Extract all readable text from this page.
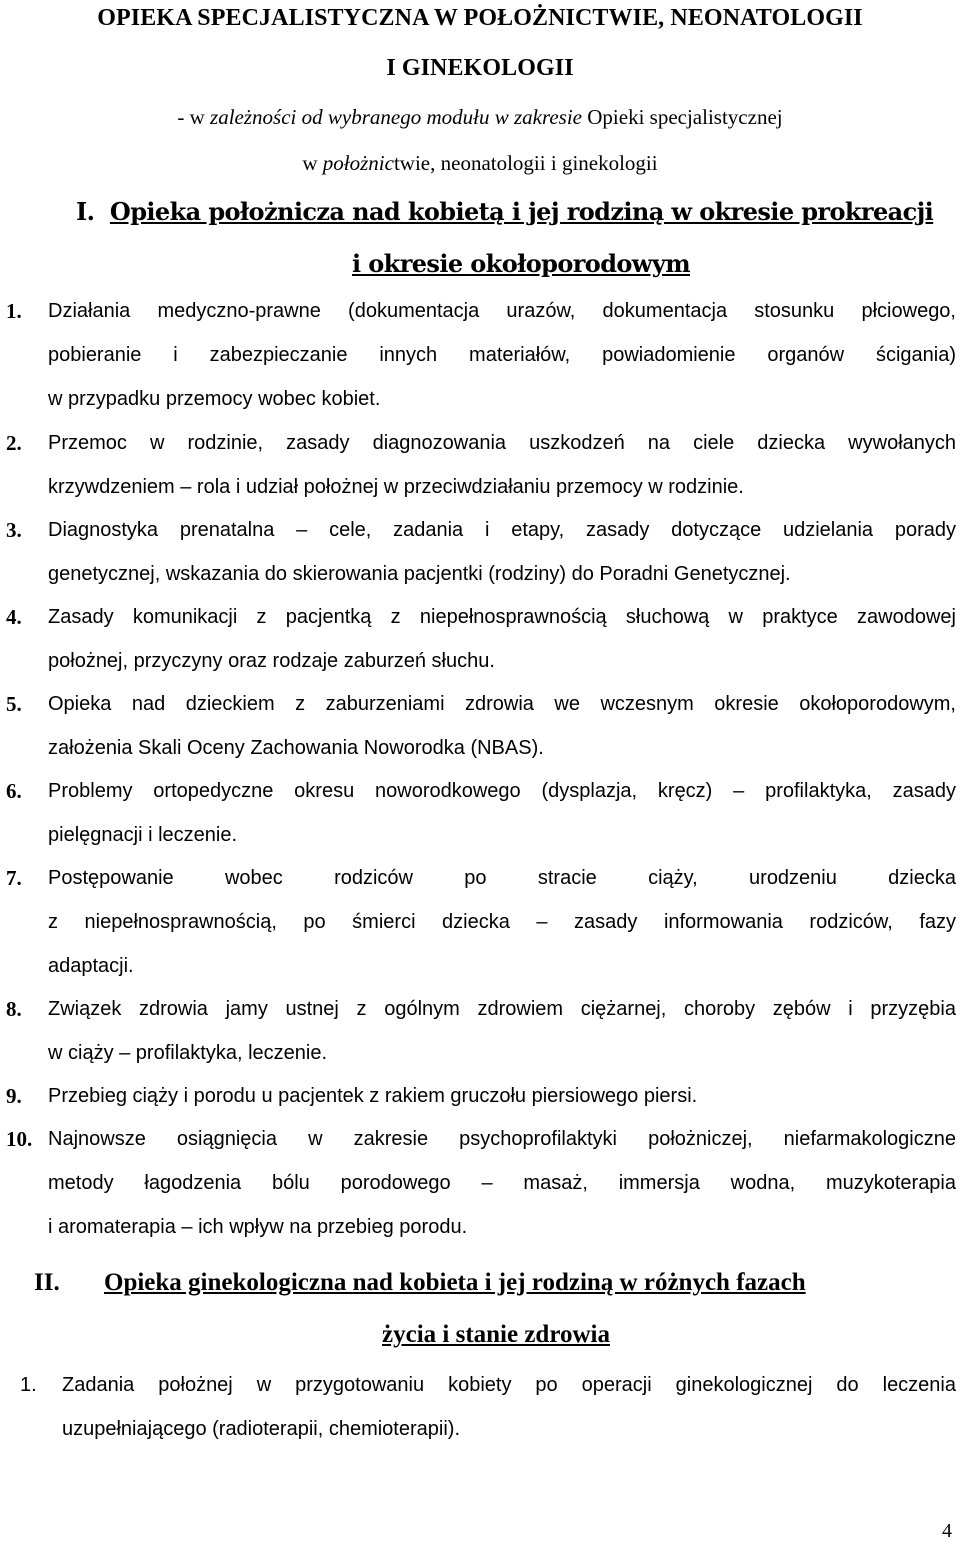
OPIEKA SPECJALISTYCZNA W POŁOŻNICTWIE, NEONATOLOGII
I GINEKOLOGII
- w zależności od wybranego modułu w zakresie Opieki specjalistycznej
w położnictwie, neonatologii i ginekologii
I. Opieka położnicza nad kobietą i jej rodziną w okresie prokreacji
i okresie okołoporodowym
1. Działania medyczno-prawne (dokumentacja urazów, dokumentacja stosunku płciowego,
pobieranie i zabezpieczanie innych materiałów, powiadomienie organów ścigania)
w przypadku przemocy wobec kobiet.
2. Przemoc w rodzinie, zasady diagnozowania uszkodzeń na ciele dziecka wywołanych
krzywdzeniem – rola i udział położnej w przeciwdziałaniu przemocy w rodzinie.
3. Diagnostyka prenatalna – cele, zadania i etapy, zasady dotyczące udzielania porady
genetycznej, wskazania do skierowania pacjentki (rodziny) do Poradni Genetycznej.
4. Zasady komunikacji z pacjentką z niepełnosprawnością słuchową w praktyce zawodowej
położnej, przyczyny oraz rodzaje zaburzeń słuchu.
5. Opieka nad dzieckiem z zaburzeniami zdrowia we wczesnym okresie okołoporodowym,
założenia Skali Oceny Zachowania Noworodka (NBAS).
6. Problemy ortopedyczne okresu noworodkowego (dysplazja, kręcz) – profilaktyka, zasady
pielęgnacji i leczenie.
7. Postępowanie wobec rodziców po stracie ciąży, urodzeniu dziecka
z niepełnosprawnością, po śmierci dziecka – zasady informowania rodziców, fazy
adaptacji.
8. Związek zdrowia jamy ustnej z ogólnym zdrowiem ciężarnej, choroby zębów i przyzębia
w ciąży – profilaktyka, leczenie.
9. Przebieg ciąży i porodu u pacjentek z rakiem gruczołu piersiowego piersi.
10. Najnowsze osiągnięcia w zakresie psychoprofilaktyki położniczej, niefarmakologiczne
metody łagodzenia bólu porodowego – masaż, immersja wodna, muzykoterapia
i aromaterapia – ich wpływ na przebieg porodu.
II. Opieka ginekologiczna nad kobieta i jej rodziną w różnych fazach
życia i stanie zdrowia
1. Zadania położnej w przygotowaniu kobiety po operacji ginekologicznej do leczenia
uzupełniającego (radioterapii, chemioterapii).
4
